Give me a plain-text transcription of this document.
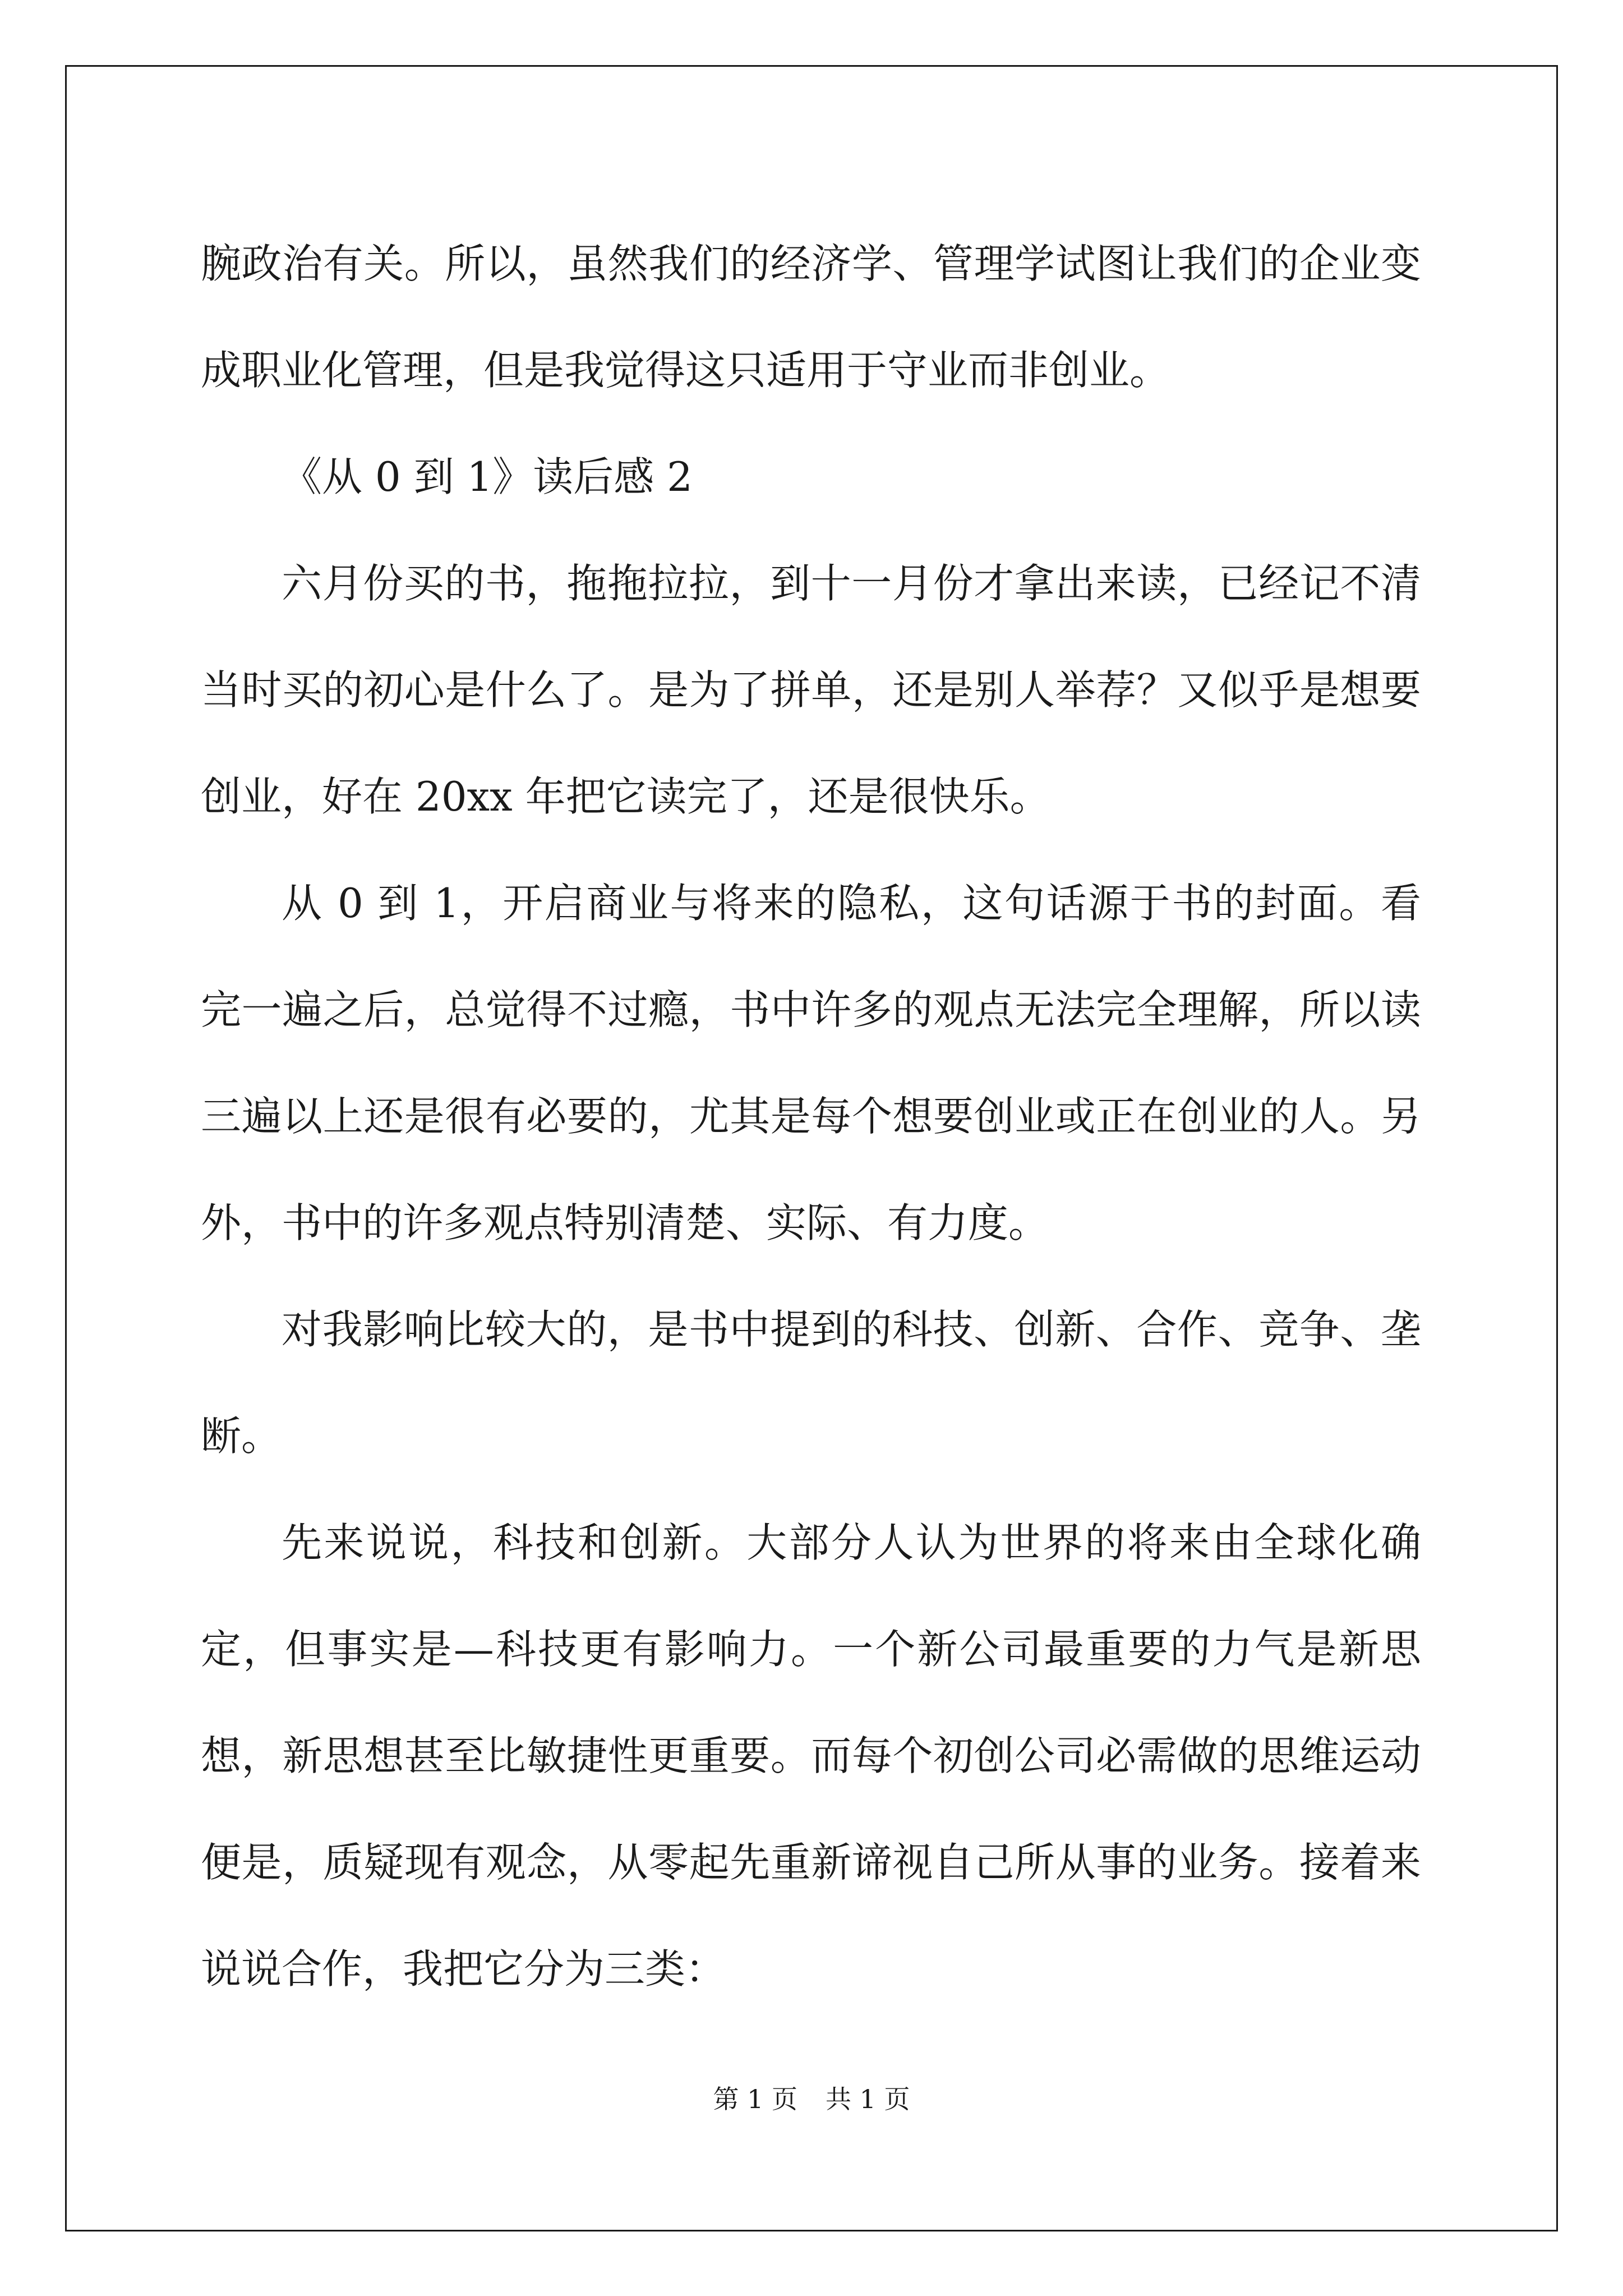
腕政治有关。所以，虽然我们的经济学、管理学试图让我们的企业变成职业化管理，但是我觉得这只适用于守业而非创业。

《从 0 到 1》读后感 2

六月份买的书，拖拖拉拉，到十一月份才拿出来读，已经记不清当时买的初心是什么了。是为了拼单，还是别人举荐？又似乎是想要创业，好在 20xx 年把它读完了，还是很快乐。

从 0 到 1，开启商业与将来的隐私，这句话源于书的封面。看完一遍之后，总觉得不过瘾，书中许多的观点无法完全理解，所以读三遍以上还是很有必要的，尤其是每个想要创业或正在创业的人。另外，书中的许多观点特别清楚、实际、有力度。

对我影响比较大的，是书中提到的科技、创新、合作、竞争、垄断。

先来说说，科技和创新。大部分人认为世界的将来由全球化确定，但事实是—科技更有影响力。一个新公司最重要的力气是新思想，新思想甚至比敏捷性更重要。而每个初创公司必需做的思维运动便是，质疑现有观念，从零起先重新谛视自己所从事的业务。接着来说说合作，我把它分为三类：

第 1 页 共 1 页
